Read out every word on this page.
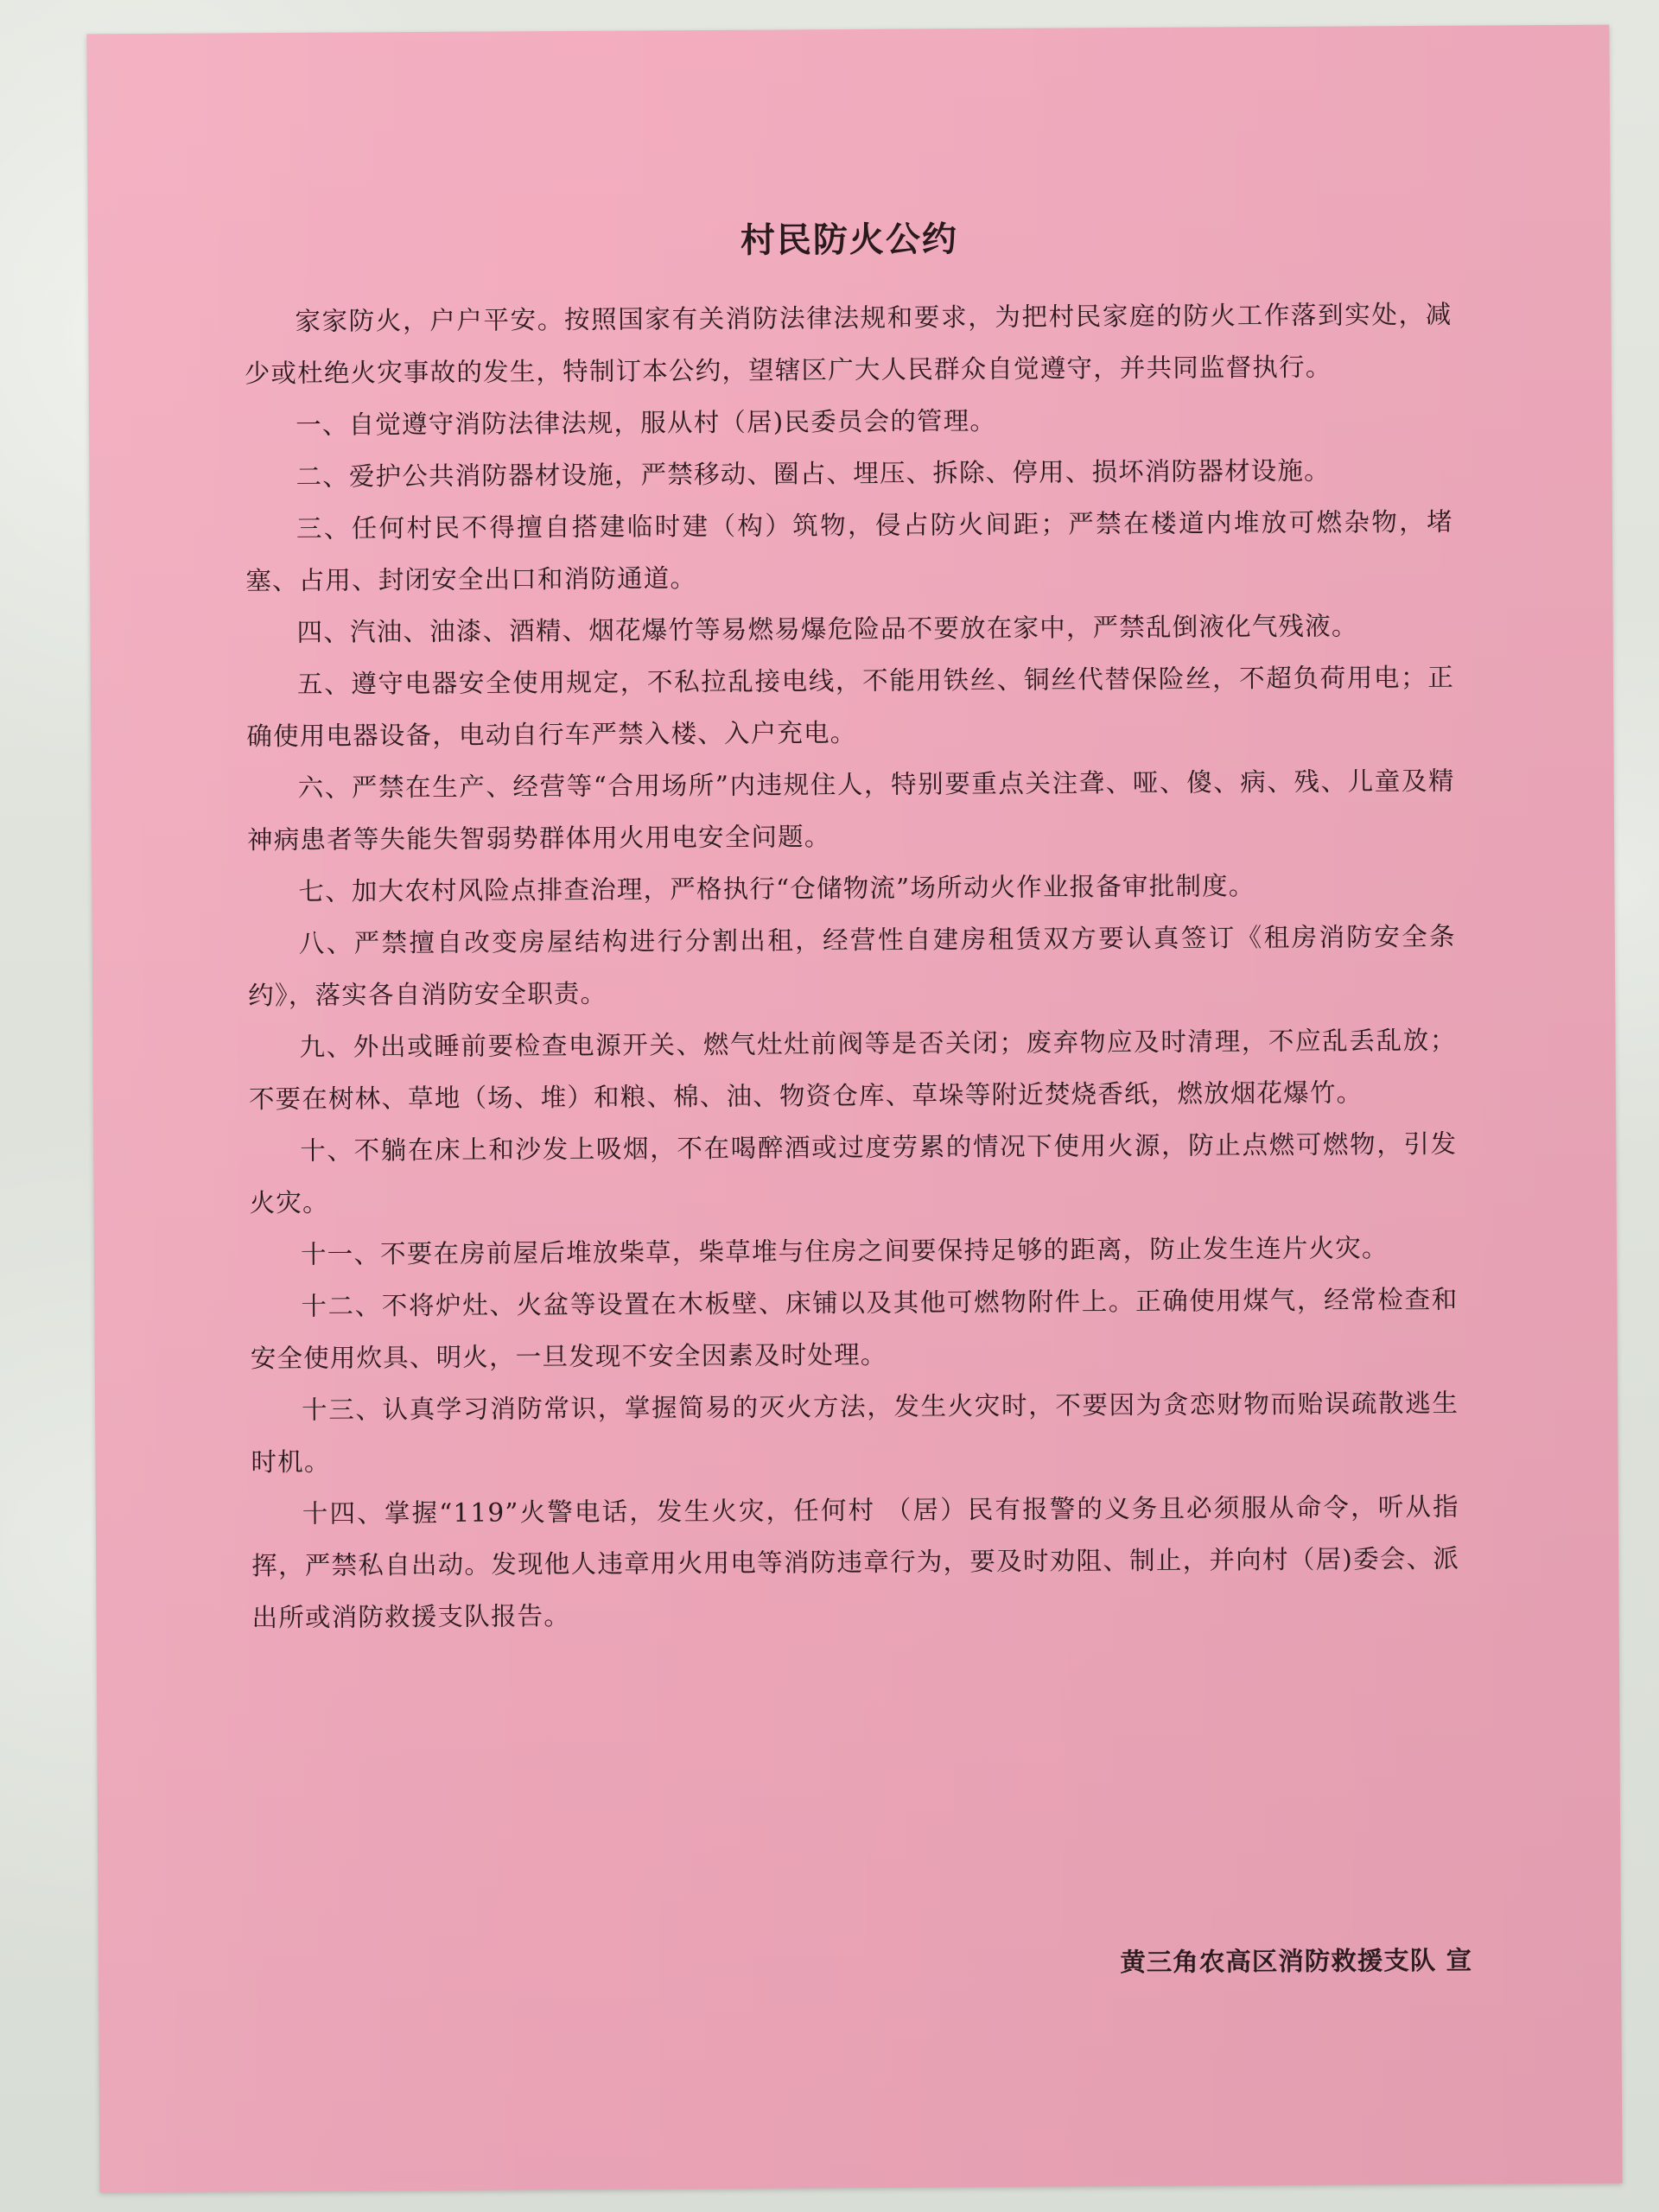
村民防火公约

家家防火，户户平安。按照国家有关消防法律法规和要求，为把村民家庭的防火工作落到实处，减少或杜绝火灾事故的发生，特制订本公约，望辖区广大人民群众自觉遵守，并共同监督执行。

一、自觉遵守消防法律法规，服从村（居)民委员会的管理。

二、爱护公共消防器材设施，严禁移动、圈占、埋压、拆除、停用、损坏消防器材设施。

三、任何村民不得擅自搭建临时建（构）筑物，侵占防火间距；严禁在楼道内堆放可燃杂物，堵塞、占用、封闭安全出口和消防通道。

四、汽油、油漆、酒精、烟花爆竹等易燃易爆危险品不要放在家中，严禁乱倒液化气残液。

五、遵守电器安全使用规定，不私拉乱接电线，不能用铁丝、铜丝代替保险丝，不超负荷用电；正确使用电器设备，电动自行车严禁入楼、入户充电。

六、严禁在生产、经营等“合用场所”内违规住人，特别要重点关注聋、哑、傻、病、残、儿童及精神病患者等失能失智弱势群体用火用电安全问题。

七、加大农村风险点排查治理，严格执行“仓储物流”场所动火作业报备审批制度。

八、严禁擅自改变房屋结构进行分割出租，经营性自建房租赁双方要认真签订《租房消防安全条约》，落实各自消防安全职责。

九、外出或睡前要检查电源开关、燃气灶灶前阀等是否关闭；废弃物应及时清理，不应乱丢乱放；不要在树林、草地（场、堆）和粮、棉、油、物资仓库、草垛等附近焚烧香纸，燃放烟花爆竹。

十、不躺在床上和沙发上吸烟，不在喝醉酒或过度劳累的情况下使用火源，防止点燃可燃物，引发火灾。

十一、不要在房前屋后堆放柴草，柴草堆与住房之间要保持足够的距离，防止发生连片火灾。

十二、不将炉灶、火盆等设置在木板壁、床铺以及其他可燃物附件上。正确使用煤气，经常检查和安全使用炊具、明火，一旦发现不安全因素及时处理。

十三、认真学习消防常识，掌握简易的灭火方法，发生火灾时，不要因为贪恋财物而贻误疏散逃生时机。

十四、掌握“119”火警电话，发生火灾，任何村 （居）民有报警的义务且必须服从命令，听从指挥，严禁私自出动。发现他人违章用火用电等消防违章行为，要及时劝阻、制止，并向村（居)委会、派出所或消防救援支队报告。

黄三角农高区消防救援支队 宣
